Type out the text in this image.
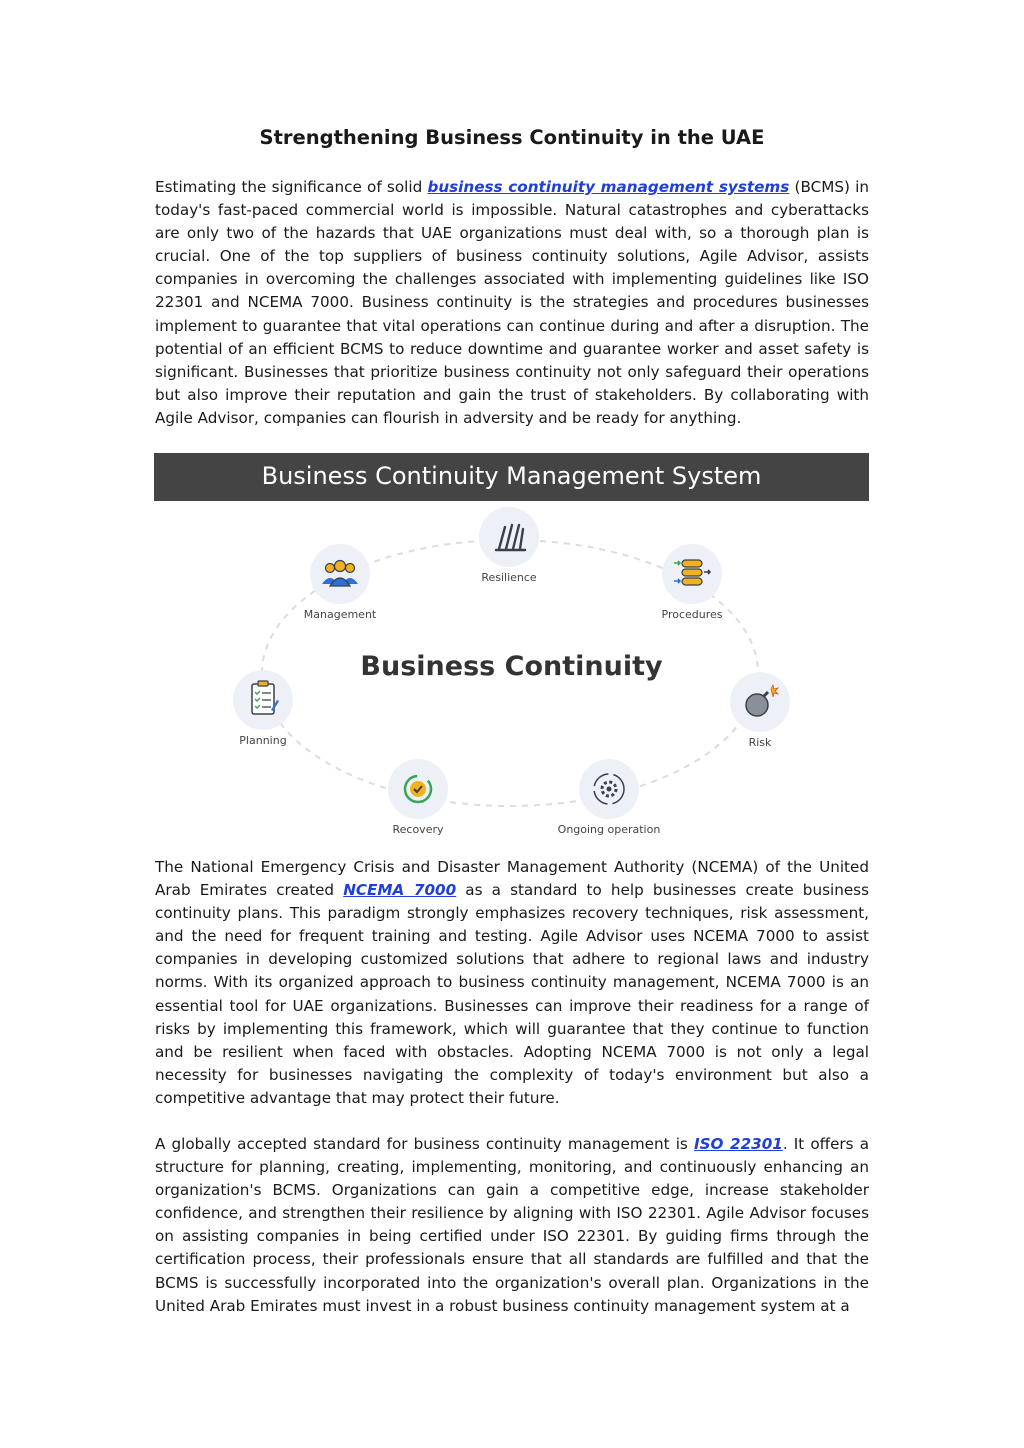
Strengthening Business Continuity in the UAE

Estimating the significance of solid business continuity management systems (BCMS) in today's fast-paced commercial world is impossible. Natural catastrophes and cyberattacks are only two of the hazards that UAE organizations must deal with, so a thorough plan is crucial. One of the top suppliers of business continuity solutions, Agile Advisor, assists companies in overcoming the challenges associated with implementing guidelines like ISO 22301 and NCEMA 7000. Business continuity is the strategies and procedures businesses implement to guarantee that vital operations can continue during and after a disruption. The potential of an efficient BCMS to reduce downtime and guarantee worker and asset safety is significant. Businesses that prioritize business continuity not only safeguard their operations but also improve their reputation and gain the trust of stakeholders. By collaborating with Agile Advisor, companies can flourish in adversity and be ready for anything.

Business Continuity Management System
Business Continuity
Resilience
Management	Procedures
Planning	Risk
Recovery	Ongoing operation

The National Emergency Crisis and Disaster Management Authority (NCEMA) of the United Arab Emirates created NCEMA 7000 as a standard to help businesses create business continuity plans. This paradigm strongly emphasizes recovery techniques, risk assessment, and the need for frequent training and testing. Agile Advisor uses NCEMA 7000 to assist companies in developing customized solutions that adhere to regional laws and industry norms. With its organized approach to business continuity management, NCEMA 7000 is an essential tool for UAE organizations. Businesses can improve their readiness for a range of risks by implementing this framework, which will guarantee that they continue to function and be resilient when faced with obstacles. Adopting NCEMA 7000 is not only a legal necessity for businesses navigating the complexity of today's environment but also a competitive advantage that may protect their future.

A globally accepted standard for business continuity management is ISO 22301. It offers a structure for planning, creating, implementing, monitoring, and continuously enhancing an organization's BCMS. Organizations can gain a competitive edge, increase stakeholder confidence, and strengthen their resilience by aligning with ISO 22301. Agile Advisor focuses on assisting companies in being certified under ISO 22301. By guiding firms through the certification process, their professionals ensure that all standards are fulfilled and that the BCMS is successfully incorporated into the organization's overall plan. Organizations in the United Arab Emirates must invest in a robust business continuity management system at a
